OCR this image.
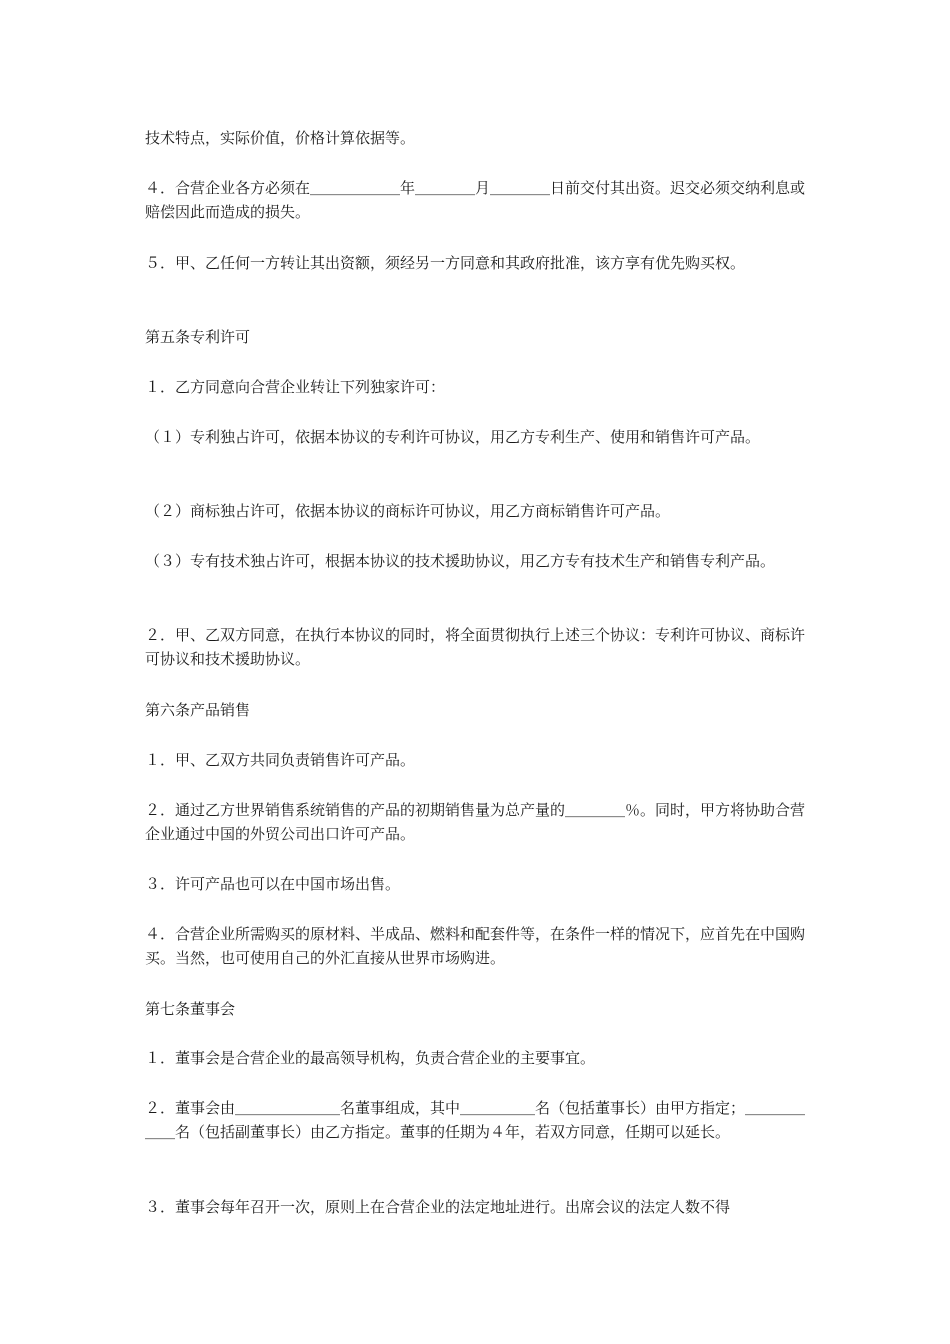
技术特点，实际价值，价格计算依据等。

４．合营企业各方必须在＿＿＿＿＿＿年＿＿＿＿月＿＿＿＿日前交付其出资。迟交必须交纳利息或赔偿因此而造成的损失。

５．甲、乙任何一方转让其出资额，须经另一方同意和其政府批准，该方享有优先购买权。

第五条专利许可

１．乙方同意向合营企业转让下列独家许可：

（１）专利独占许可，依据本协议的专利许可协议，用乙方专利生产、使用和销售许可产品。

（２）商标独占许可，依据本协议的商标许可协议，用乙方商标销售许可产品。

（３）专有技术独占许可，根据本协议的技术援助协议，用乙方专有技术生产和销售专利产品。

２．甲、乙双方同意，在执行本协议的同时，将全面贯彻执行上述三个协议：专利许可协议、商标许可协议和技术援助协议。

第六条产品销售

１．甲、乙双方共同负责销售许可产品。

２．通过乙方世界销售系统销售的产品的初期销售量为总产量的＿＿＿＿％。同时，甲方将协助合营企业通过中国的外贸公司出口许可产品。

３．许可产品也可以在中国市场出售。

４．合营企业所需购买的原材料、半成品、燃料和配套件等，在条件一样的情况下，应首先在中国购买。当然，也可使用自己的外汇直接从世界市场购进。

第七条董事会

１．董事会是合营企业的最高领导机构，负责合营企业的主要事宜。

２．董事会由＿＿＿＿＿＿＿名董事组成，其中＿＿＿＿＿名（包括董事长）由甲方指定；＿＿＿＿＿＿名（包括副董事长）由乙方指定。董事的任期为４年，若双方同意，任期可以延长。

３．董事会每年召开一次，原则上在合营企业的法定地址进行。出席会议的法定人数不得
